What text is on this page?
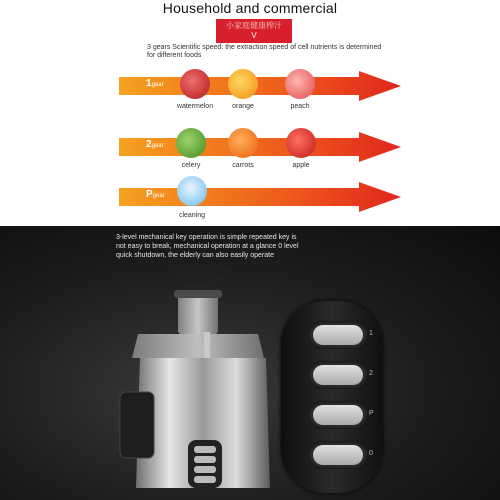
Household and commercial
小家庭健康榨汁
V
3 gears Scientific speed: the extraction speed of cell nutrients is determined for different foods
1gear
watermelon	orange	peach
2gear
celery	carrots	apple
Pgear
cleaning
3-level mechanical key operation is simple repeated key is not easy to break, mechanical operation at a glance 0 level quick shutdown, the elderly can also easily operate
1
2
P
0
